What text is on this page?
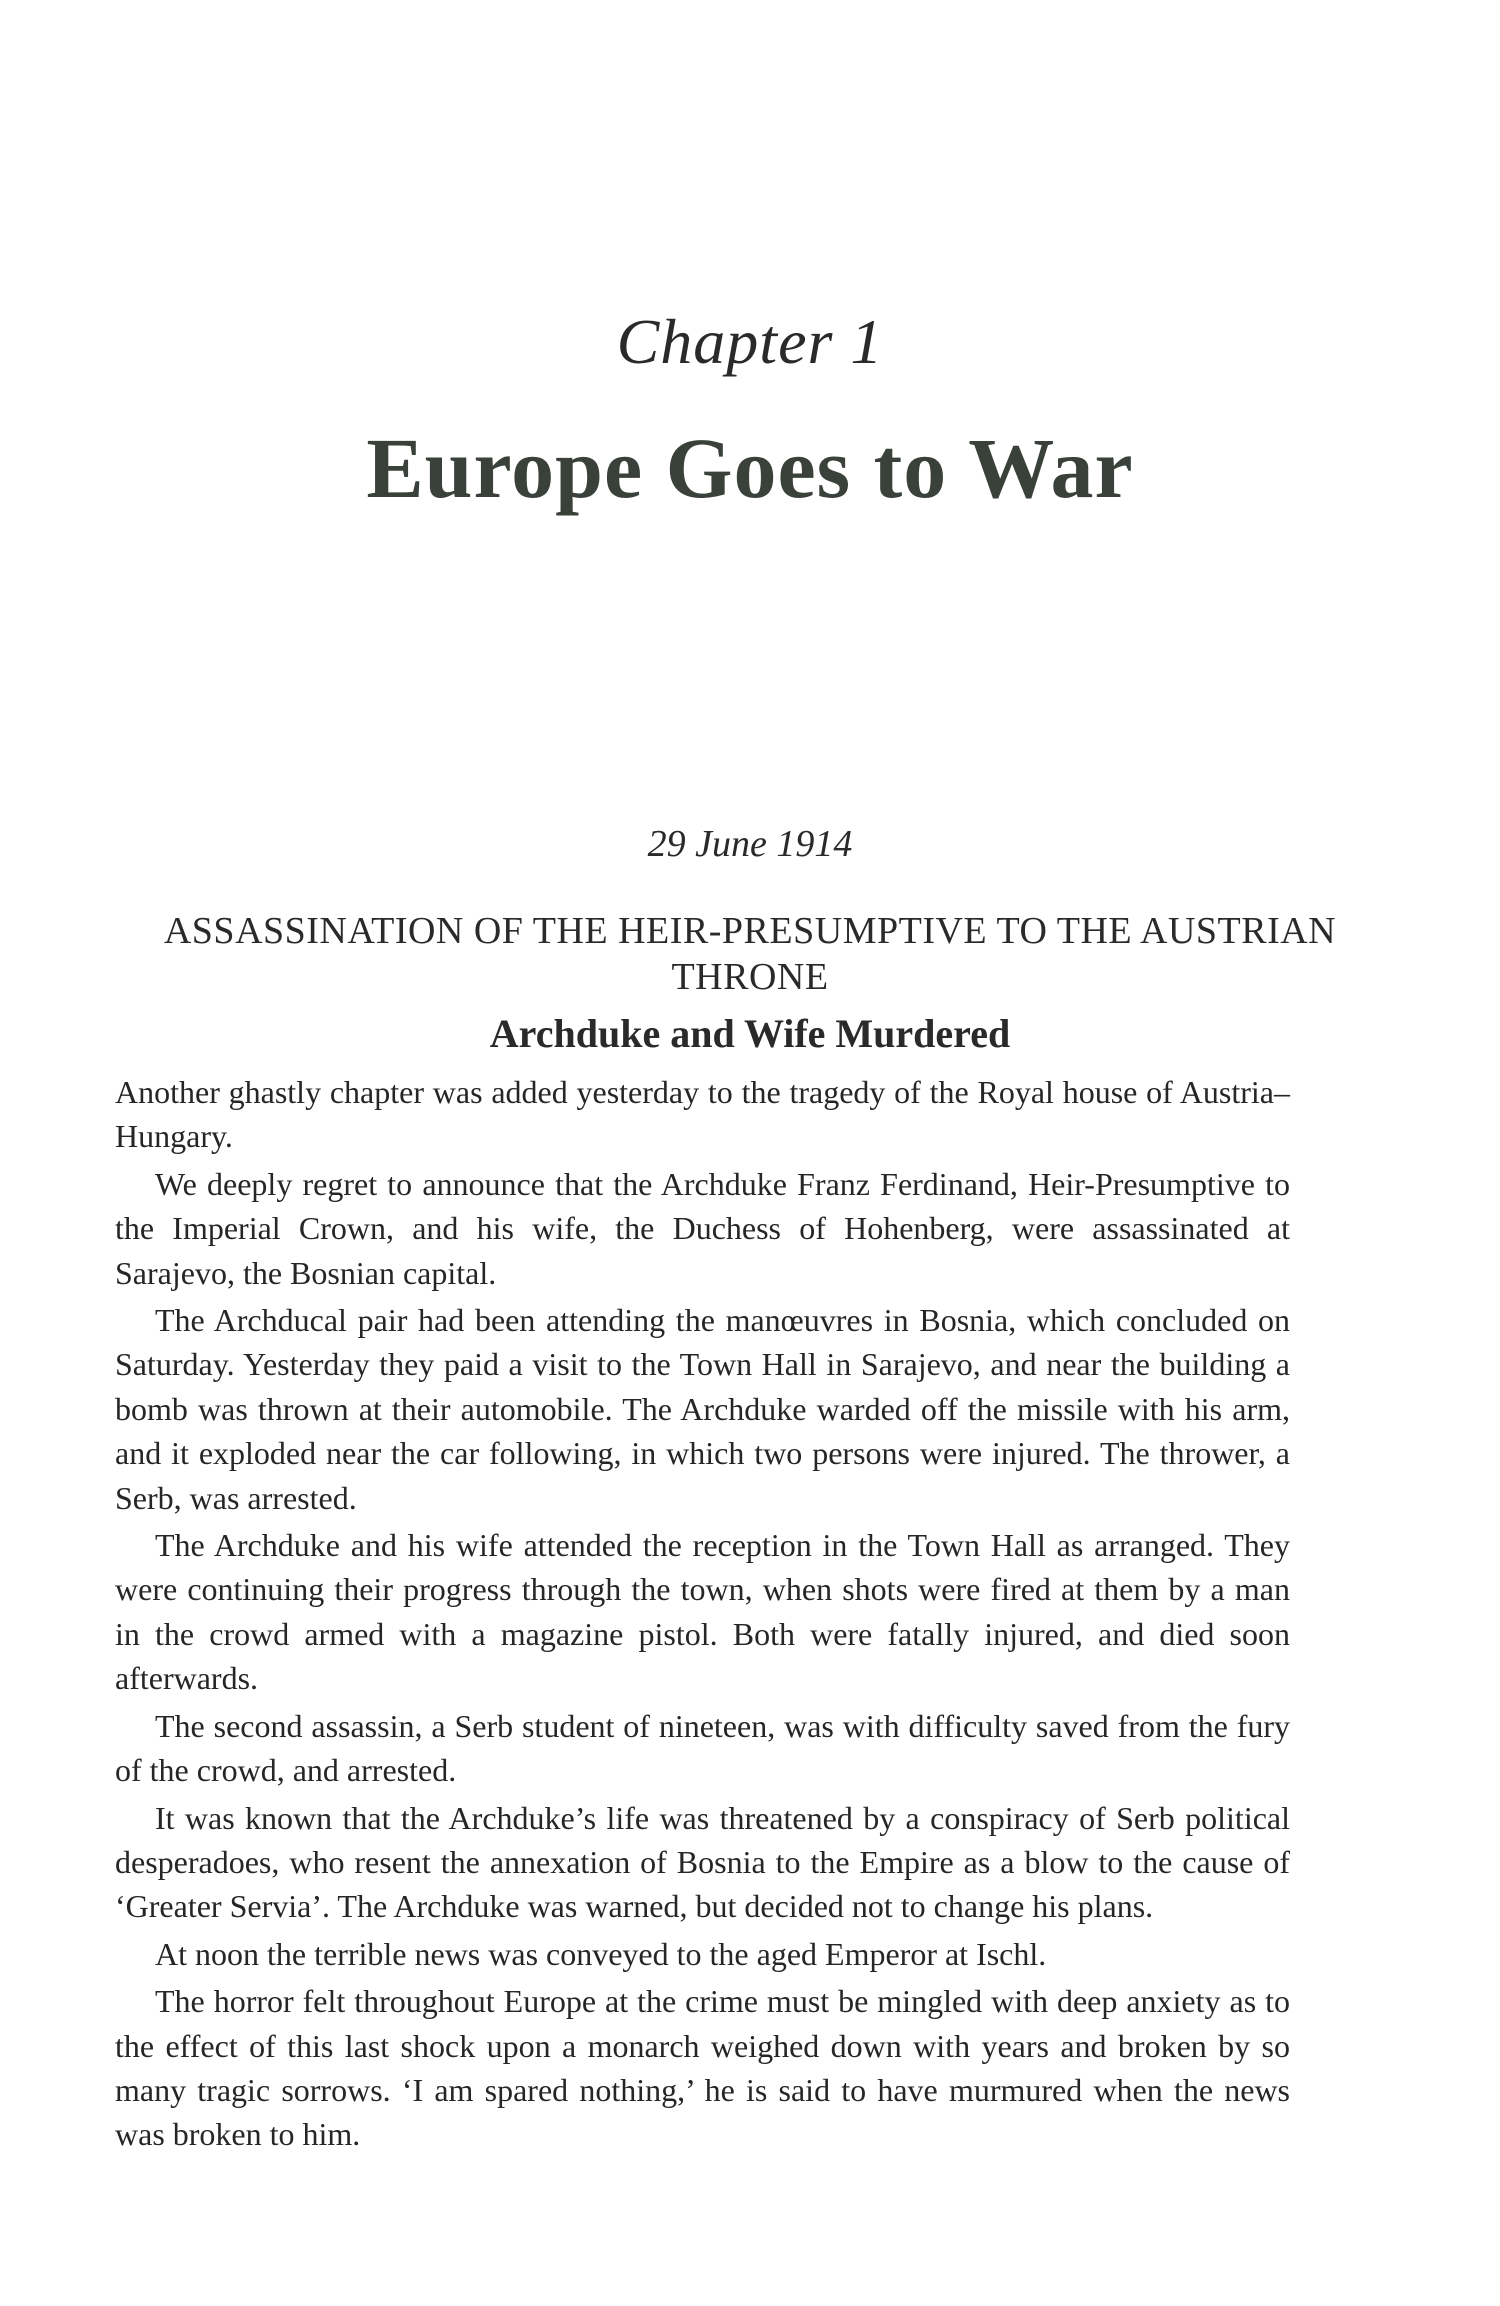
Chapter 1
Europe Goes to War
29 June 1914
ASSASSINATION OF THE HEIR-PRESUMPTIVE TO THE AUSTRIAN THRONE
Archduke and Wife Murdered

Another ghastly chapter was added yesterday to the tragedy of the Royal house of Austria–Hungary.

We deeply regret to announce that the Archduke Franz Ferdinand, Heir-Presumptive to the Imperial Crown, and his wife, the Duchess of Hohenberg, were assassinated at Sarajevo, the Bosnian capital.

The Archducal pair had been attending the manœuvres in Bosnia, which concluded on Saturday. Yesterday they paid a visit to the Town Hall in Sarajevo, and near the building a bomb was thrown at their automobile. The Archduke warded off the missile with his arm, and it exploded near the car following, in which two persons were injured. The thrower, a Serb, was arrested.

The Archduke and his wife attended the reception in the Town Hall as arranged. They were continuing their progress through the town, when shots were fired at them by a man in the crowd armed with a magazine pistol. Both were fatally injured, and died soon afterwards.

The second assassin, a Serb student of nineteen, was with difficulty saved from the fury of the crowd, and arrested.

It was known that the Archduke’s life was threatened by a conspiracy of Serb political desperadoes, who resent the annexation of Bosnia to the Empire as a blow to the cause of ‘Greater Servia’. The Archduke was warned, but decided not to change his plans.

At noon the terrible news was conveyed to the aged Emperor at Ischl.

The horror felt throughout Europe at the crime must be mingled with deep anxiety as to the effect of this last shock upon a monarch weighed down with years and broken by so many tragic sorrows. ‘I am spared nothing,’ he is said to have murmured when the news was broken to him.
